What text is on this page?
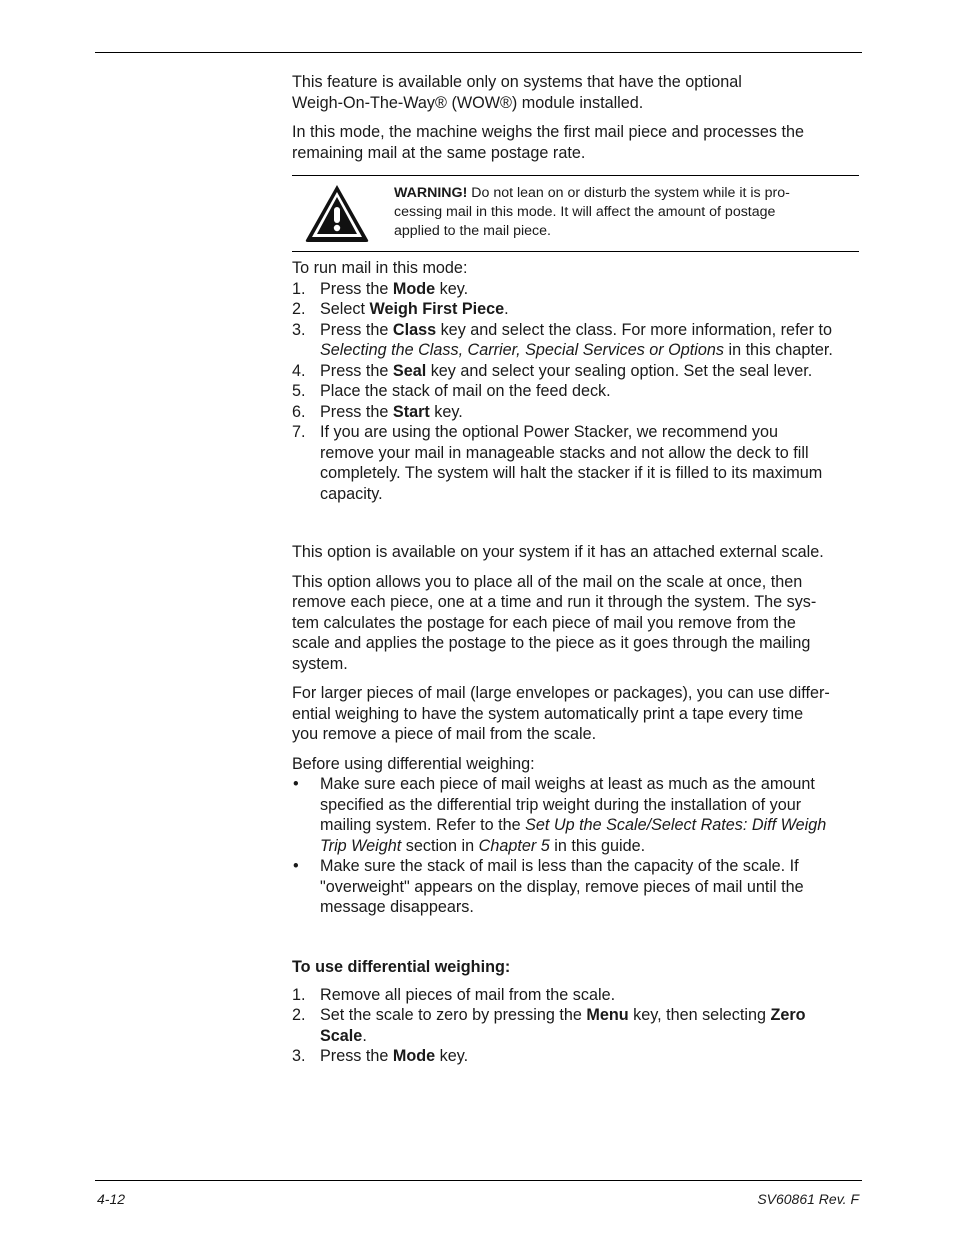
This feature is available only on systems that have the optional
Weigh-On-The-Way® (WOW®) module installed.

In this mode, the machine weighs the first mail piece and processes the
remaining mail at the same postage rate.

WARNING! Do not lean on or disturb the system while it is pro-
cessing mail in this mode. It will affect the amount of postage
applied to the mail piece.

To run mail in this mode:

1. Press the Mode key.
2. Select Weigh First Piece.
3. Press the Class key and select the class. For more information, refer to
Selecting the Class, Carrier, Special Services or Options in this chapter.
4. Press the Seal key and select your sealing option. Set the seal lever.
5. Place the stack of mail on the feed deck.
6. Press the Start key.
7. If you are using the optional Power Stacker, we recommend you
remove your mail in manageable stacks and not allow the deck to fill
completely. The system will halt the stacker if it is filled to its maximum
capacity.

This option is available on your system if it has an attached external scale.

This option allows you to place all of the mail on the scale at once, then
remove each piece, one at a time and run it through the system. The sys-
tem calculates the postage for each piece of mail you remove from the
scale and applies the postage to the piece as it goes through the mailing
system.

For larger pieces of mail (large envelopes or packages), you can use differ-
ential weighing to have the system automatically print a tape every time
you remove a piece of mail from the scale.

Before using differential weighing:

• Make sure each piece of mail weighs at least as much as the amount
specified as the differential trip weight during the installation of your
mailing system. Refer to the Set Up the Scale/Select Rates: Diff Weigh
Trip Weight section in Chapter 5 in this guide.
• Make sure the stack of mail is less than the capacity of the scale. If
"overweight" appears on the display, remove pieces of mail until the
message disappears.

To use differential weighing:

1. Remove all pieces of mail from the scale.
2. Set the scale to zero by pressing the Menu key, then selecting Zero
Scale.
3. Press the Mode key.
4-12	SV60861 Rev. F
